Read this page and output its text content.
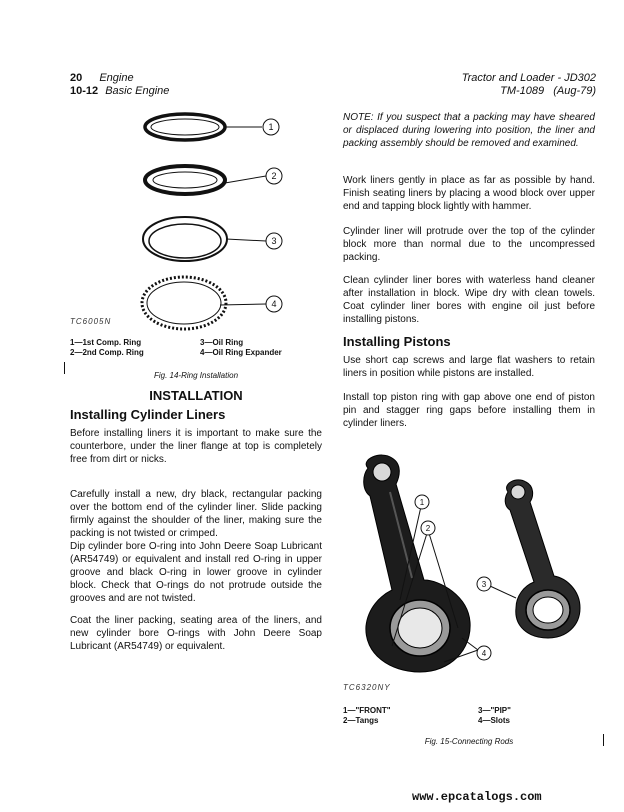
20 Engine
10-12 Basic Engine
Tractor and Loader - JD302
TM-1089 (Aug-79)
1
2
3
4
TC6005N
1—1st Comp. Ring
2—2nd Comp. Ring
3—Oil Ring
4—Oil Ring Expander
Fig. 14-Ring Installation
INSTALLATION
Installing Cylinder Liners
Before installing liners it is important to make sure the counterbore, under the liner flange at top is completely free from dirt or nicks.
Carefully install a new, dry black, rectangular packing over the bottom end of the cylinder liner. Slide packing firmly against the shoulder of the liner, making sure the packing is not twisted or crimped.
Dip cylinder bore O-ring into John Deere Soap Lubricant (AR54749) or equivalent and install red O-ring in upper groove and black O-ring in lower groove in cylinder block. Check that O-rings do not protrude outside the grooves and are not twisted.
Coat the liner packing, seating area of the liners, and new cylinder bore O-rings with John Deere Soap Lubricant (AR54749) or equivalent.
NOTE: If you suspect that a packing may have sheared or displaced during lowering into position, the liner and packing assembly should be removed and examined.
Work liners gently in place as far as possible by hand. Finish seating liners by placing a wood block over upper end and tapping block lightly with hammer.
Cylinder liner will protrude over the top of the cylinder block more than normal due to the uncompressed packing.
Clean cylinder liner bores with waterless hand cleaner after installation in block. Wipe dry with clean towels. Coat cylinder liner bores with engine oil just before installing pistons.
Installing Pistons
Use short cap screws and large flat washers to retain liners in position while pistons are installed.
Install top piston ring with gap above one end of piston pin and stagger ring gaps before installing them in cylinder liners.
1
2
3
4
TC6320NY
1—"FRONT"
2—Tangs
3—"PIP"
4—Slots
Fig. 15-Connecting Rods
www.epcatalogs.com
